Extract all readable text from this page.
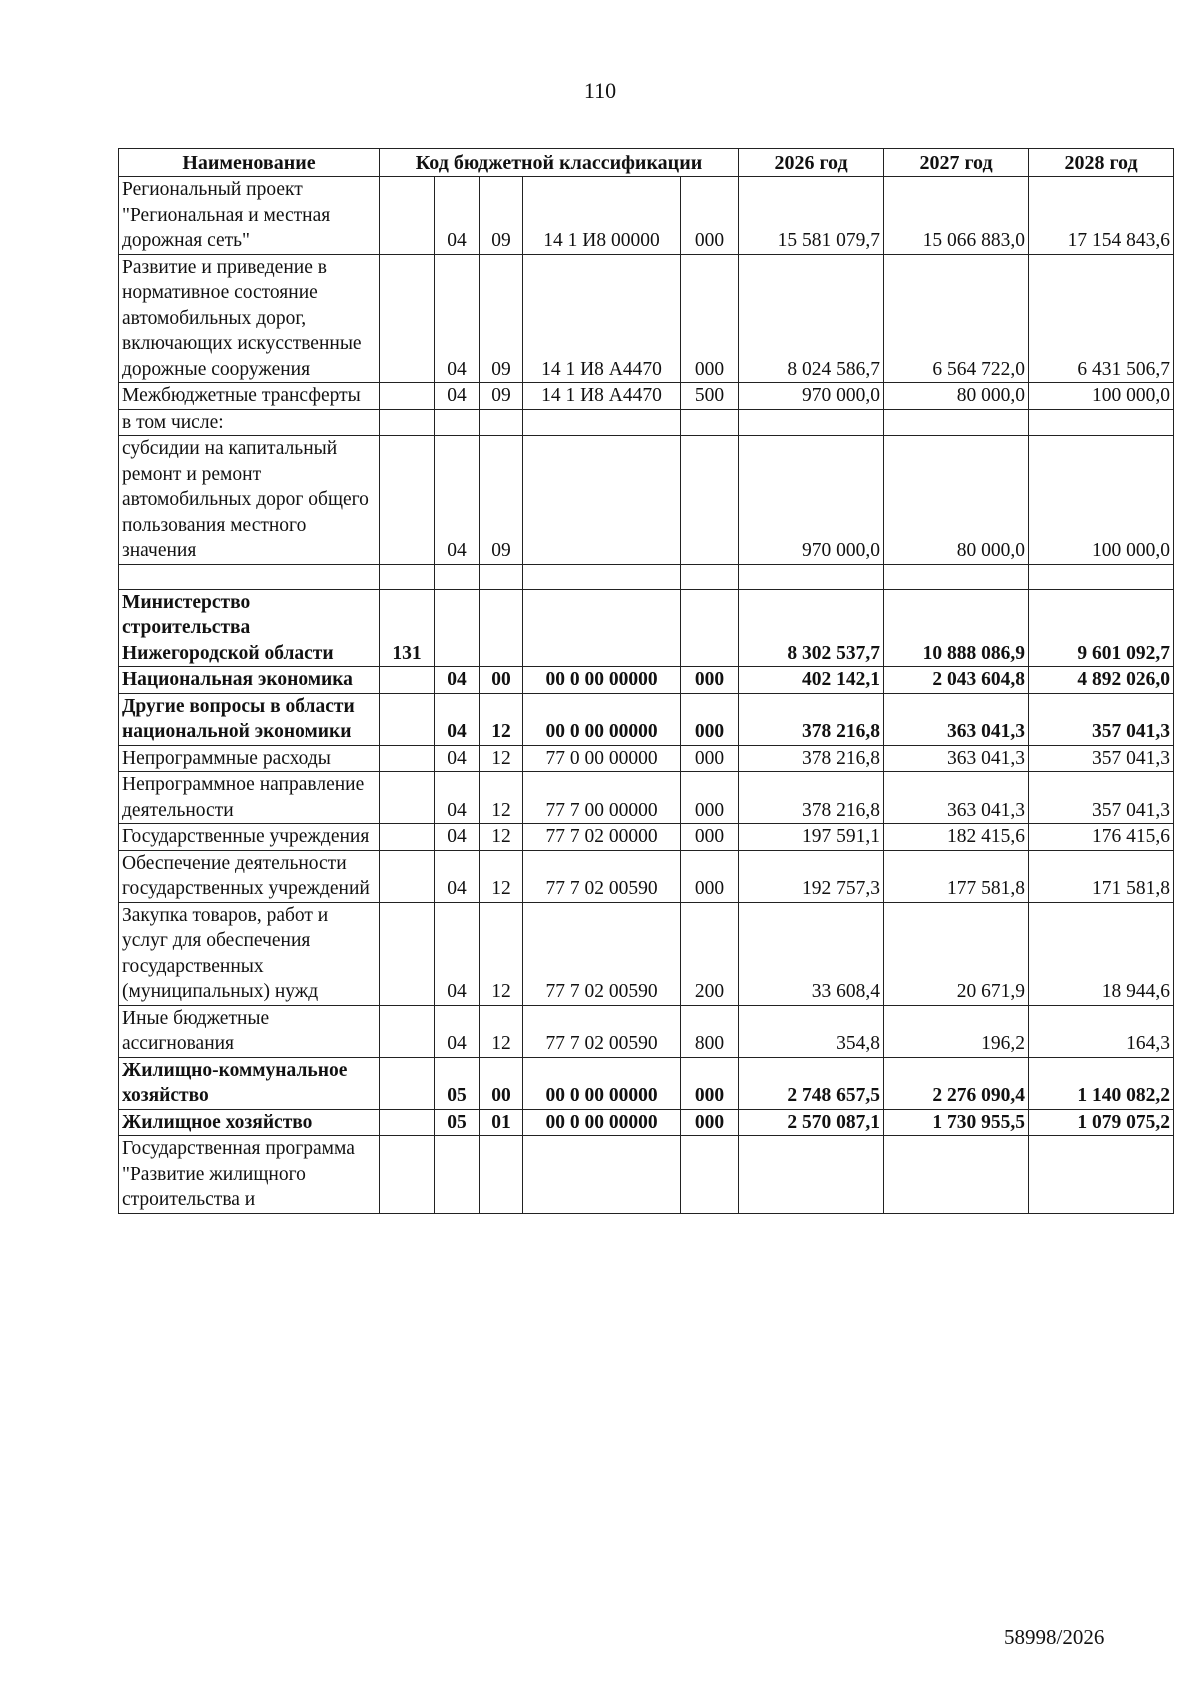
110
Наименование	Код бюджетной классификации					2026 год	2027 год	2028 год
Региональный проект "Региональная и местная дорожная сеть"		04	09	14 1 И8 00000	000	15 581 079,7	15 066 883,0	17 154 843,6
Развитие и приведение в нормативное состояние автомобильных дорог, включающих искусственные дорожные сооружения		04	09	14 1 И8 А4470	000	8 024 586,7	6 564 722,0	6 431 506,7
Межбюджетные трансферты		04	09	14 1 И8 А4470	500	970 000,0	80 000,0	100 000,0
в том числе:								
субсидии на капитальный ремонт и ремонт автомобильных дорог общего пользования местного значения		04	09			970 000,0	80 000,0	100 000,0

Министерство строительства Нижегородской области	131					8 302 537,7	10 888 086,9	9 601 092,7
Национальная экономика		04	00	00 0 00 00000	000	402 142,1	2 043 604,8	4 892 026,0
Другие вопросы в области национальной экономики		04	12	00 0 00 00000	000	378 216,8	363 041,3	357 041,3
Непрограммные расходы		04	12	77 0 00 00000	000	378 216,8	363 041,3	357 041,3
Непрограммное направление деятельности		04	12	77 7 00 00000	000	378 216,8	363 041,3	357 041,3
Государственные учреждения		04	12	77 7 02 00000	000	197 591,1	182 415,6	176 415,6
Обеспечение деятельности государственных учреждений		04	12	77 7 02 00590	000	192 757,3	177 581,8	171 581,8
Закупка товаров, работ и услуг для обеспечения государственных (муниципальных) нужд		04	12	77 7 02 00590	200	33 608,4	20 671,9	18 944,6
Иные бюджетные ассигнования		04	12	77 7 02 00590	800	354,8	196,2	164,3
Жилищно-коммунальное хозяйство		05	00	00 0 00 00000	000	2 748 657,5	2 276 090,4	1 140 082,2
Жилищное хозяйство		05	01	00 0 00 00000	000	2 570 087,1	1 730 955,5	1 079 075,2
Государственная программа "Развитие жилищного строительства и								
58998/2026
